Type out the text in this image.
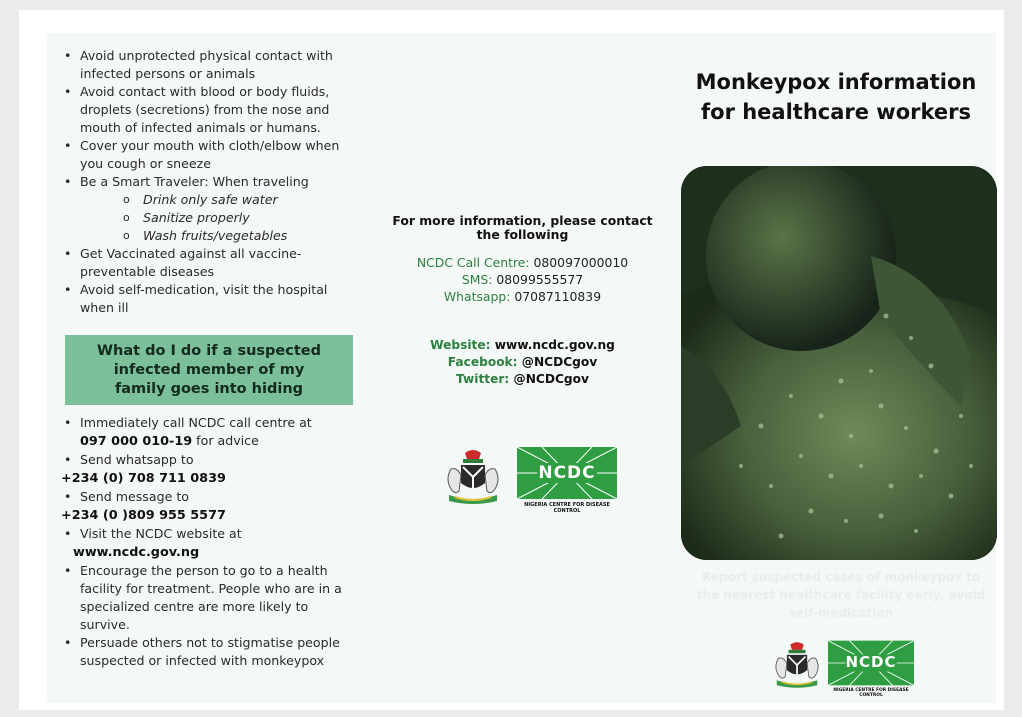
• Avoid unprotected physical contact with infected persons or animals
• Avoid contact with blood or body fluids, droplets (secretions) from the nose and mouth of infected animals or humans.
• Cover your mouth with cloth/elbow when you cough or sneeze
• Be a Smart Traveler: When traveling
o Drink only safe water
o Sanitize properly
o Wash fruits/vegetables
• Get Vaccinated against all vaccine-preventable diseases
• Avoid self-medication, visit the hospital when ill
What do I do if a suspected infected member of my family goes into hiding
• Immediately call NCDC call centre at
097 000 010-19 for advice
• Send whatsapp to
+234 (0) 708 711 0839
• Send message to
+234 (0 )809 955 5577
• Visit the NCDC website at
www.ncdc.gov.ng
• Encourage the person to go to a health facility for treatment. People who are in a specialized centre are more likely to survive.
• Persuade others not to stigmatise people suspected or infected with monkeypox
For more information, please contact the following
NCDC Call Centre: 080097000010
SMS: 08099555577
Whatsapp: 07087110839
Website: www.ncdc.gov.ng
Facebook: @NCDCgov
Twitter: @NCDCgov
NCDC
NIGERIA CENTRE FOR DISEASE CONTROL
Monkeypox information
for healthcare workers
Report suspected cases of monkeypox to the nearest healthcare facility early, avoid self-medication
NCDC
NIGERIA CENTRE FOR DISEASE CONTROL
